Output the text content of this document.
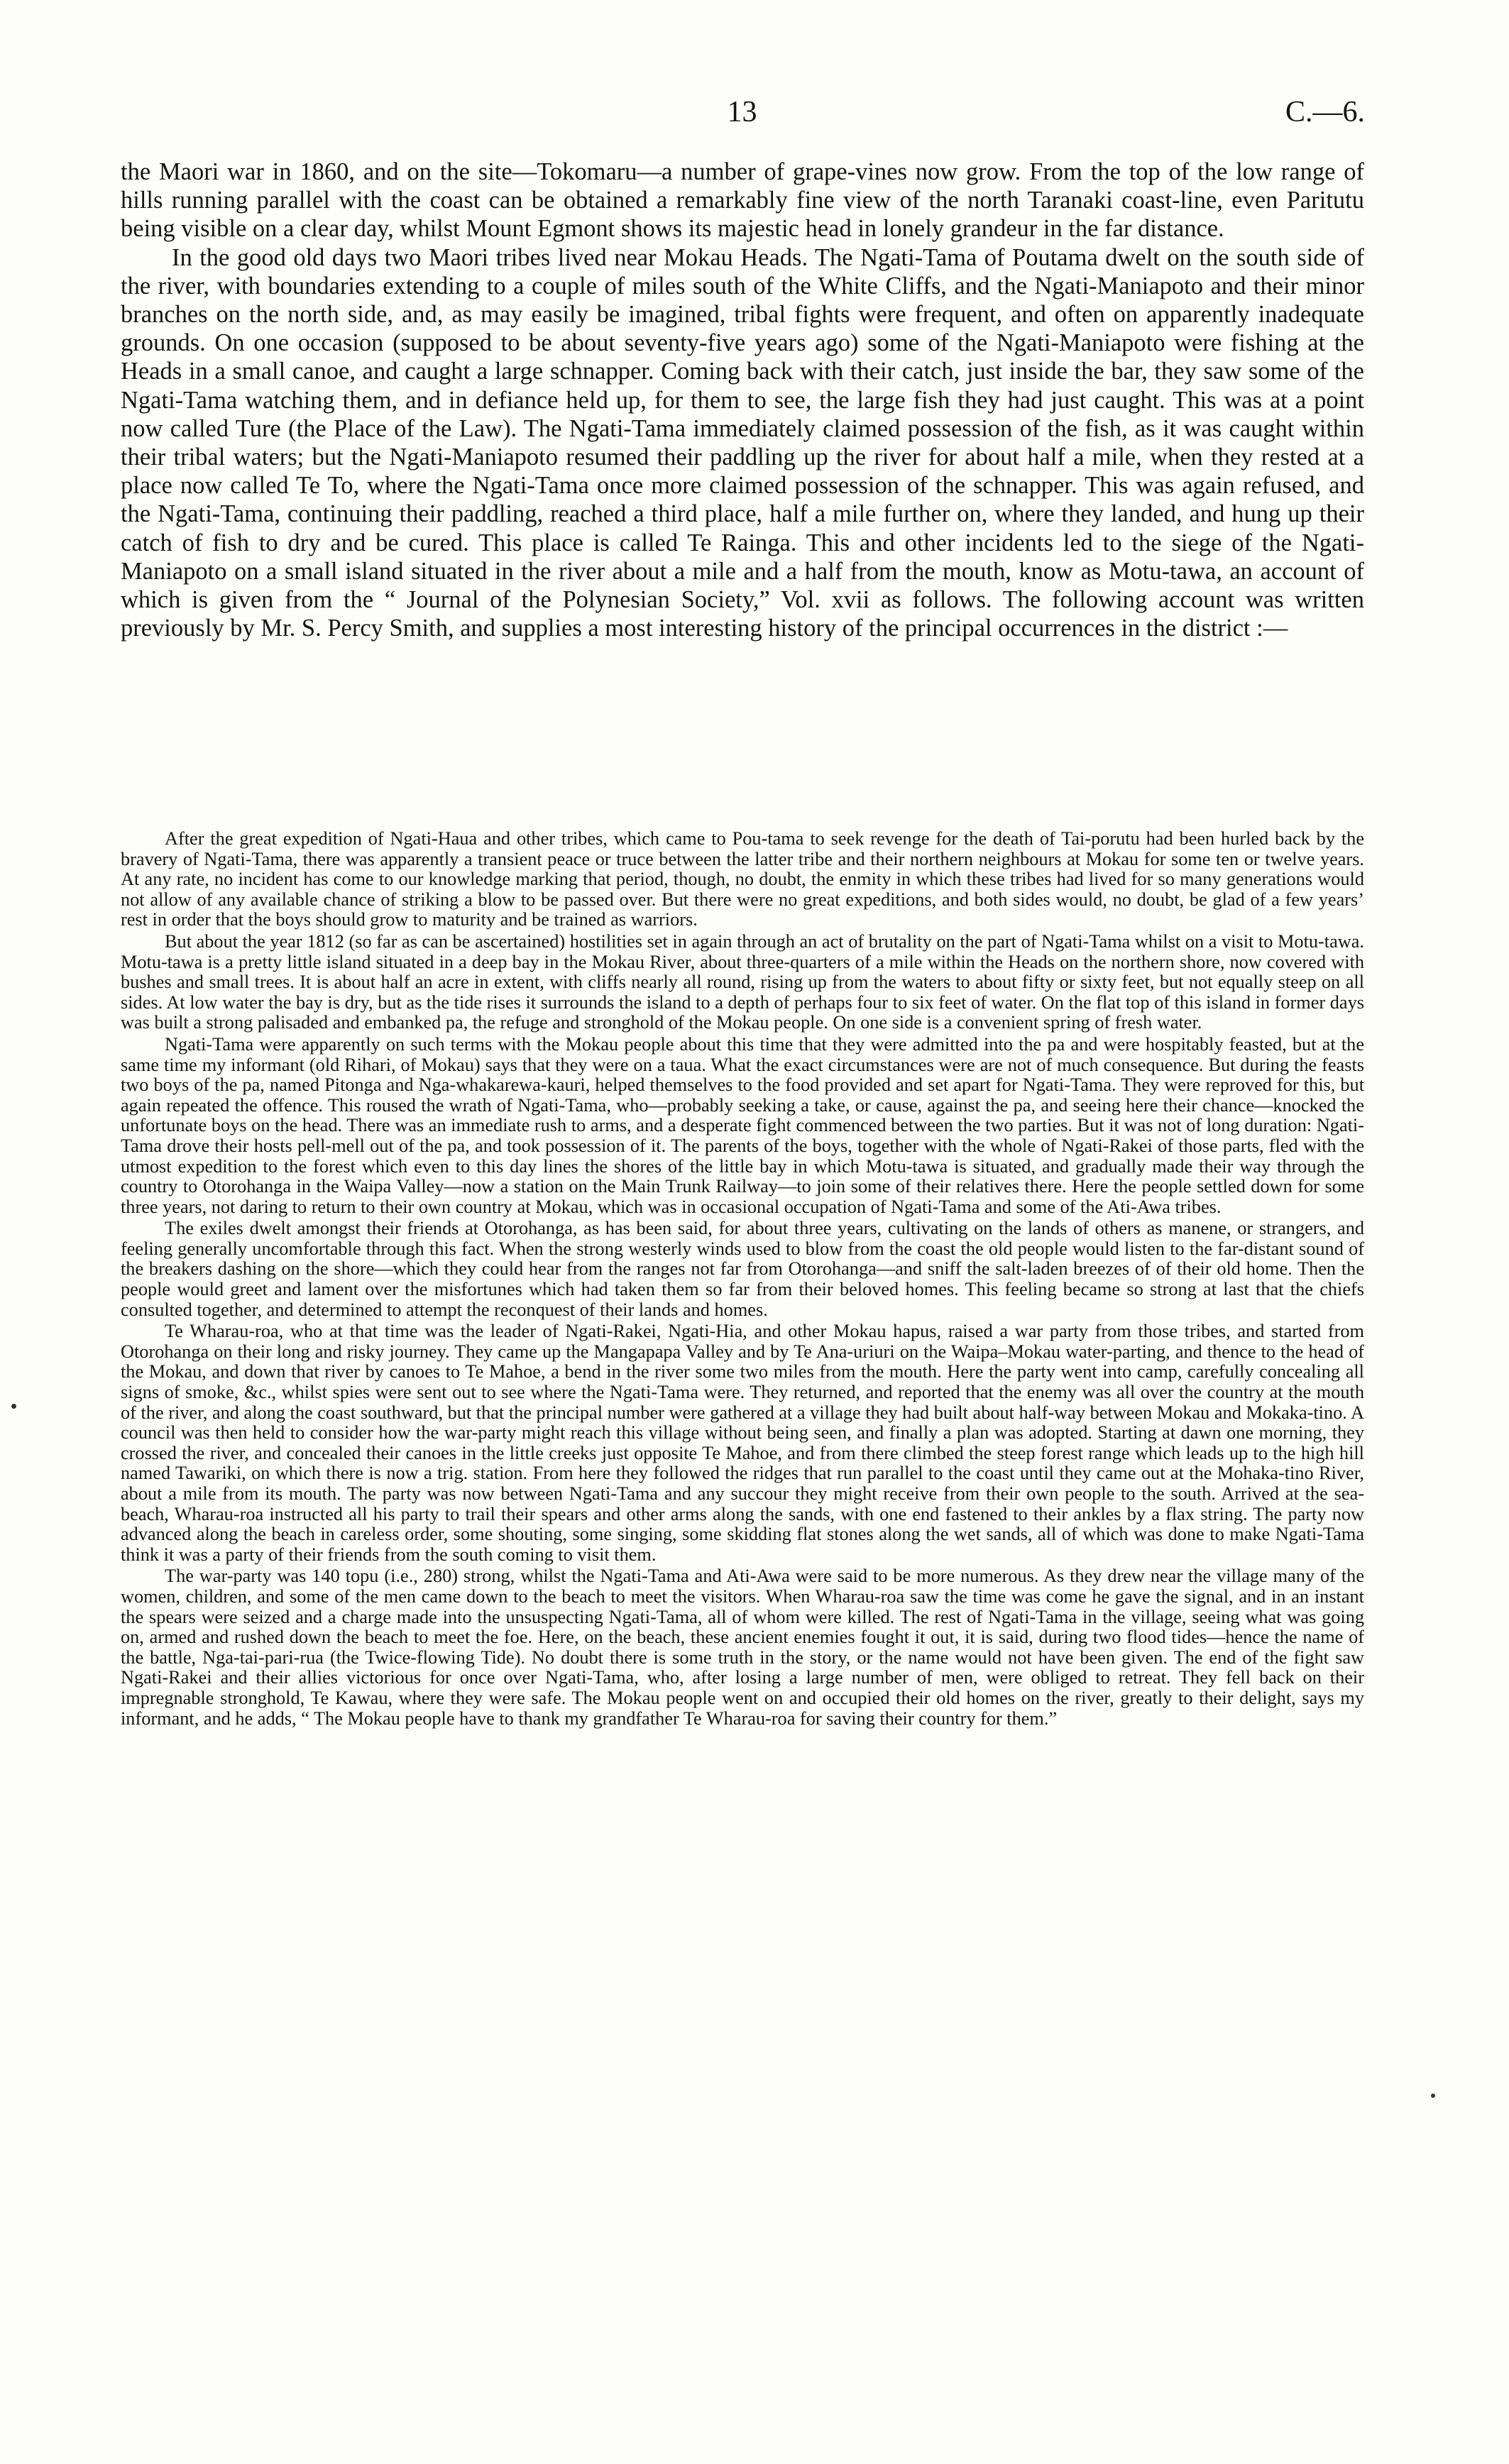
13	C.—6.

the Maori war in 1860, and on the site—Tokomaru—a number of grape-vines now grow. From the top of the low range of hills running parallel with the coast can be obtained a remarkably fine view of the north Taranaki coast-line, even Paritutu being visible on a clear day, whilst Mount Egmont shows its majestic head in lonely grandeur in the far distance.

In the good old days two Maori tribes lived near Mokau Heads. The Ngati-Tama of Poutama dwelt on the south side of the river, with boundaries extending to a couple of miles south of the White Cliffs, and the Ngati-Maniapoto and their minor branches on the north side, and, as may easily be imagined, tribal fights were frequent, and often on apparently inadequate grounds. On one occasion (supposed to be about seventy-five years ago) some of the Ngati-Maniapoto were fishing at the Heads in a small canoe, and caught a large schnapper. Coming back with their catch, just inside the bar, they saw some of the Ngati-Tama watching them, and in defiance held up, for them to see, the large fish they had just caught. This was at a point now called Ture (the Place of the Law). The Ngati-Tama immediately claimed possession of the fish, as it was caught within their tribal waters; but the Ngati-Maniapoto resumed their paddling up the river for about half a mile, when they rested at a place now called Te To, where the Ngati-Tama once more claimed possession of the schnapper. This was again refused, and the Ngati-Tama, continuing their paddling, reached a third place, half a mile further on, where they landed, and hung up their catch of fish to dry and be cured. This place is called Te Rainga. This and other incidents led to the siege of the Ngati-Maniapoto on a small island situated in the river about a mile and a half from the mouth, know as Motu-tawa, an account of which is given from the “ Journal of the Polynesian Society,” Vol. xvii as follows. The following account was written previously by Mr. S. Percy Smith, and supplies a most interesting history of the principal occurrences in the district :—

After the great expedition of Ngati-Haua and other tribes, which came to Pou-tama to seek revenge for the death of Tai-porutu had been hurled back by the bravery of Ngati-Tama, there was apparently a transient peace or truce between the latter tribe and their northern neighbours at Mokau for some ten or twelve years. At any rate, no incident has come to our knowledge marking that period, though, no doubt, the enmity in which these tribes had lived for so many generations would not allow of any available chance of striking a blow to be passed over. But there were no great expeditions, and both sides would, no doubt, be glad of a few years’ rest in order that the boys should grow to maturity and be trained as warriors.

But about the year 1812 (so far as can be ascertained) hostilities set in again through an act of brutality on the part of Ngati-Tama whilst on a visit to Motu-tawa. Motu-tawa is a pretty little island situated in a deep bay in the Mokau River, about three-quarters of a mile within the Heads on the northern shore, now covered with bushes and small trees. It is about half an acre in extent, with cliffs nearly all round, rising up from the waters to about fifty or sixty feet, but not equally steep on all sides. At low water the bay is dry, but as the tide rises it surrounds the island to a depth of perhaps four to six feet of water. On the flat top of this island in former days was built a strong palisaded and embanked pa, the refuge and stronghold of the Mokau people. On one side is a convenient spring of fresh water.

Ngati-Tama were apparently on such terms with the Mokau people about this time that they were admitted into the pa and were hospitably feasted, but at the same time my informant (old Rihari, of Mokau) says that they were on a taua. What the exact circumstances were are not of much consequence. But during the feasts two boys of the pa, named Pitonga and Nga-whakarewa-kauri, helped themselves to the food provided and set apart for Ngati-Tama. They were reproved for this, but again repeated the offence. This roused the wrath of Ngati-Tama, who—probably seeking a take, or cause, against the pa, and seeing here their chance—knocked the unfortunate boys on the head. There was an immediate rush to arms, and a desperate fight commenced between the two parties. But it was not of long duration: Ngati-Tama drove their hosts pell-mell out of the pa, and took possession of it. The parents of the boys, together with the whole of Ngati-Rakei of those parts, fled with the utmost expedition to the forest which even to this day lines the shores of the little bay in which Motu-tawa is situated, and gradually made their way through the country to Otorohanga in the Waipa Valley—now a station on the Main Trunk Railway—to join some of their relatives there. Here the people settled down for some three years, not daring to return to their own country at Mokau, which was in occasional occupation of Ngati-Tama and some of the Ati-Awa tribes.

The exiles dwelt amongst their friends at Otorohanga, as has been said, for about three years, cultivating on the lands of others as manene, or strangers, and feeling generally uncomfortable through this fact. When the strong westerly winds used to blow from the coast the old people would listen to the far-distant sound of the breakers dashing on the shore—which they could hear from the ranges not far from Otorohanga—and sniff the salt-laden breezes of of their old home. Then the people would greet and lament over the misfortunes which had taken them so far from their beloved homes. This feeling became so strong at last that the chiefs consulted together, and determined to attempt the reconquest of their lands and homes.

Te Wharau-roa, who at that time was the leader of Ngati-Rakei, Ngati-Hia, and other Mokau hapus, raised a war party from those tribes, and started from Otorohanga on their long and risky journey. They came up the Mangapapa Valley and by Te Ana-uriuri on the Waipa–Mokau water-parting, and thence to the head of the Mokau, and down that river by canoes to Te Mahoe, a bend in the river some two miles from the mouth. Here the party went into camp, carefully concealing all signs of smoke, &c., whilst spies were sent out to see where the Ngati-Tama were. They returned, and reported that the enemy was all over the country at the mouth of the river, and along the coast southward, but that the principal number were gathered at a village they had built about half-way between Mokau and Mokaka-tino. A council was then held to consider how the war-party might reach this village without being seen, and finally a plan was adopted. Starting at dawn one morning, they crossed the river, and concealed their canoes in the little creeks just opposite Te Mahoe, and from there climbed the steep forest range which leads up to the high hill named Tawariki, on which there is now a trig. station. From here they followed the ridges that run parallel to the coast until they came out at the Mohaka-tino River, about a mile from its mouth. The party was now between Ngati-Tama and any succour they might receive from their own people to the south. Arrived at the sea-beach, Wharau-roa instructed all his party to trail their spears and other arms along the sands, with one end fastened to their ankles by a flax string. The party now advanced along the beach in careless order, some shouting, some singing, some skidding flat stones along the wet sands, all of which was done to make Ngati-Tama think it was a party of their friends from the south coming to visit them.

The war-party was 140 topu (i.e., 280) strong, whilst the Ngati-Tama and Ati-Awa were said to be more numerous. As they drew near the village many of the women, children, and some of the men came down to the beach to meet the visitors. When Wharau-roa saw the time was come he gave the signal, and in an instant the spears were seized and a charge made into the unsuspecting Ngati-Tama, all of whom were killed. The rest of Ngati-Tama in the village, seeing what was going on, armed and rushed down the beach to meet the foe. Here, on the beach, these ancient enemies fought it out, it is said, during two flood tides—hence the name of the battle, Nga-tai-pari-rua (the Twice-flowing Tide). No doubt there is some truth in the story, or the name would not have been given. The end of the fight saw Ngati-Rakei and their allies victorious for once over Ngati-Tama, who, after losing a large number of men, were obliged to retreat. They fell back on their impregnable stronghold, Te Kawau, where they were safe. The Mokau people went on and occupied their old homes on the river, greatly to their delight, says my informant, and he adds, “ The Mokau people have to thank my grandfather Te Wharau-roa for saving their country for them.”
